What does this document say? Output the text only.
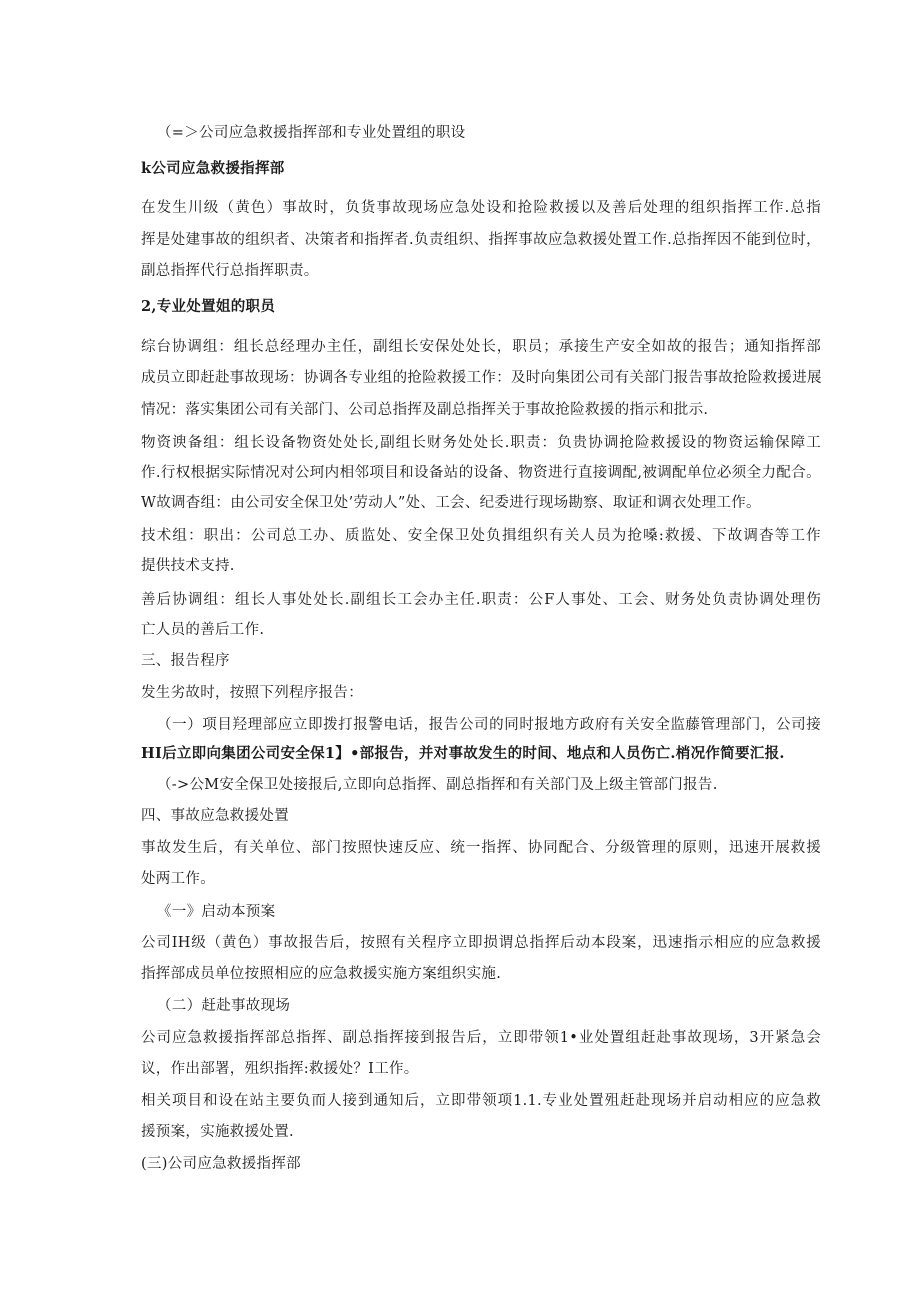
（=＞公司应急救援指挥部和专业处置组的职设
k公司应急救援指挥部
在发生川级（黄色）事故时，负货事故现场应急处设和抢险救援以及善后处理的组织指挥工作.总指
挥是处建事故的组织者、决策者和指挥者.负责组织、指挥事故应急救援处置工作.总指挥因不能到位时，
副总指挥代行总指挥职责。
2,专业处置姐的职员
综台协调组：组长总经理办主任，副组长安保处处长，职员；承接生产安全如故的报告；通知指挥部
成员立即赶赴事故现场：协调各专业组的抢险救援工作：及时向集团公司有关部门报告事故抢险救援进展
情况：落实集团公司有关部门、公司总指挥及副总指挥关于事故抢险救援的指示和批示.
物资谀备组：组长设备物资处处长,副组长财务处处长.职责：负贵协调抢险救援设的物资运输保障工
作.行权根据实际情况对公珂内相邻项目和设备站的设备、物资进行直接调配,被调配单位必须全力配合。
W故调杳组：由公司安全保卫处’劳动人”处、工会、纪委进行现场勘察、取证和调衣处理工作。
技术组：职出：公司总工办、质监处、安全保卫处负揖组织有关人员为抢嗓:救援、下故调杳等工作
提供技术支持.
善后协调组：组长人事处处长.副组长工会办主任.职责：公F人事处、工会、财务处负责协调处理伤
亡人员的善后工作.
三、报告程序
发生劣故时，按照下列程序报告：
（一）项目羟理部应立即拨打报警电话，报告公司的同时报地方政府有关安全监藤管理部门，公司接
HI后立即向集团公司安全保1】•部报告，并对事故发生的时间、地点和人员伤亡.梢况作简要汇报.
（->公M安全保卫处接报后,立即向总指挥、副总指挥和有关部门及上级主管部门报告.
四、事故应急救援处置
事故发生后，有关单位、部门按照快速反应、统一指挥、协同配合、分级管理的原则，迅速开展救援
处两工作。
《一》启动本预案
公司IH级（黄色）事故报告后，按照有关程序立即损谓总指挥后动本段案，迅速指示相应的应急救援
指挥部成员单位按照相应的应急救援实施方案组织实施.
（二）赶赴事故现场
公司应急救援指挥部总指挥、副总指挥接到报告后，立即带领1•业处置组赶赴事故现场，3开紧急会
议，作出部署，殂织指挥:救援处？I工作。
相关项目和设在站主要负而人接到通知后，立即带领项1.1.专业处置殂赶赴现场并启动相应的应急救
援预案，实施救援处置.
(三)公司应急救援指挥部
